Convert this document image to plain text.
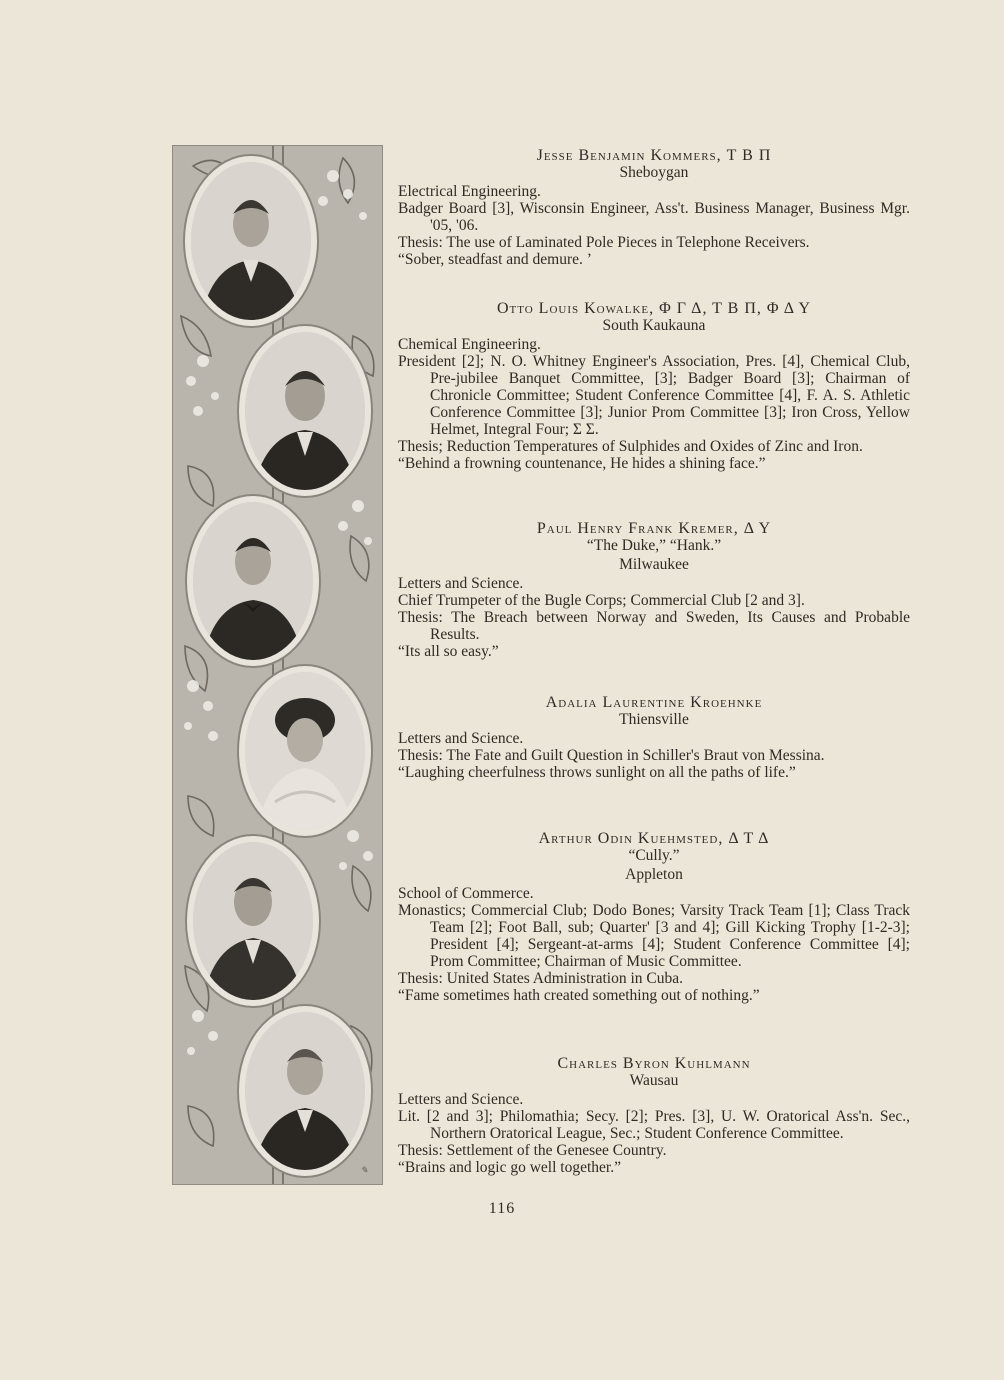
✎

Jesse Benjamin Kommers, Τ Β Π

Sheboygan

Electrical Engineering.

Badger Board [3], Wisconsin Engineer, Ass't. Business Manager, Business Mgr. '05, '06.

Thesis: The use of Laminated Pole Pieces in Telephone Receivers.

“Sober, steadfast and demure. ’

Otto Louis Kowalke, Φ Γ Δ, Τ Β Π, Φ Δ Υ

South Kaukauna

Chemical Engineering.

President [2]; N. O. Whitney Engineer's Association, Pres. [4], Chemical Club, Pre-jubilee Banquet Committee, [3]; Badger Board [3]; Chairman of Chronicle Committee; Student Conference Committee [4], F. A. S. Athletic Conference Committee [3]; Junior Prom Committee [3]; Iron Cross, Yellow Helmet, Integral Four; Σ Σ.

Thesis; Reduction Temperatures of Sulphides and Oxides of Zinc and Iron.

“Behind a frowning countenance, He hides a shining face.”

Paul Henry Frank Kremer, Δ Υ

“The Duke,” “Hank.”

Milwaukee

Letters and Science.

Chief Trumpeter of the Bugle Corps; Commercial Club [2 and 3].

Thesis: The Breach between Norway and Sweden, Its Causes and Probable Results.

“Its all so easy.”

Adalia Laurentine Kroehnke

Thiensville

Letters and Science.

Thesis: The Fate and Guilt Question in Schiller's Braut von Messina.

“Laughing cheerfulness throws sunlight on all the paths of life.”

Arthur Odin Kuehmsted, Δ Τ Δ

“Cully.”

Appleton

School of Commerce.

Monastics; Commercial Club; Dodo Bones; Varsity Track Team [1]; Class Track Team [2]; Foot Ball, sub; Quarter' [3 and 4]; Gill Kicking Trophy [1-2-3]; President [4]; Sergeant-at-arms [4]; Student Conference Committee [4]; Prom Committee; Chairman of Music Committee.

Thesis: United States Administration in Cuba.

“Fame sometimes hath created something out of nothing.”

Charles Byron Kuhlmann

Wausau

Letters and Science.

Lit. [2 and 3]; Philomathia; Secy. [2]; Pres. [3], U. W. Oratorical Ass'n. Sec., Northern Oratorical League, Sec.; Student Conference Committee.

Thesis: Settlement of the Genesee Country.

“Brains and logic go well together.”

116
